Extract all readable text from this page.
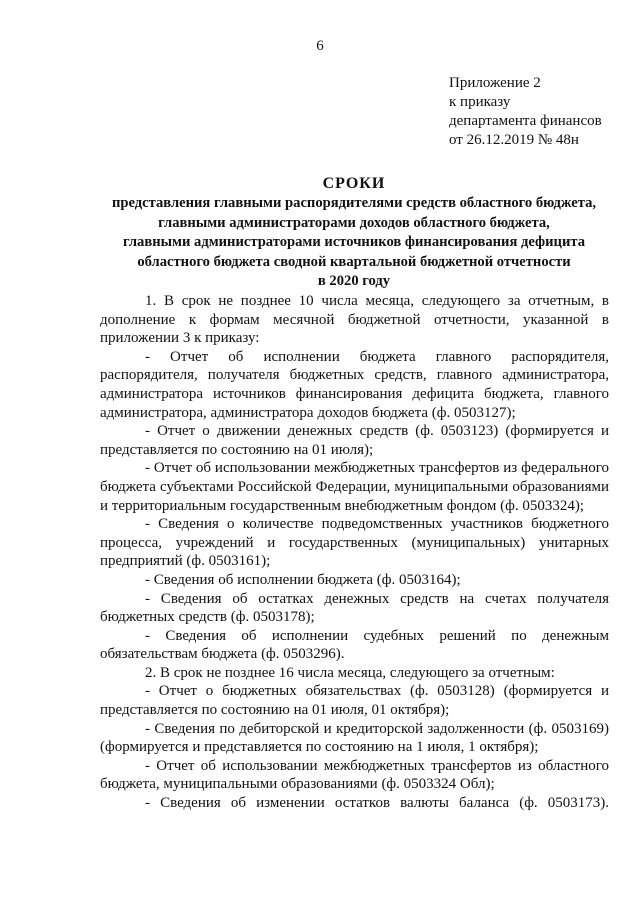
6
Приложение 2
к приказу
департамента финансов
от 26.12.2019 № 48н
СРОКИ
представления главными распорядителями средств областного бюджета,
главными администраторами доходов областного бюджета,
главными администраторами источников финансирования дефицита
областного бюджета сводной квартальной бюджетной отчетности
в 2020 году

1. В срок не позднее 10 числа месяца, следующего за отчетным, в дополнение к формам месячной бюджетной отчетности, указанной в приложении 3 к приказу:

- Отчет об исполнении бюджета главного распорядителя, распорядителя, получателя бюджетных средств, главного администратора, администратора источников финансирования дефицита бюджета, главного администратора, администратора доходов бюджета (ф. 0503127);

- Отчет о движении денежных средств (ф. 0503123) (формируется и представляется по состоянию на 01 июля);

- Отчет об использовании межбюджетных трансфертов из федерального бюджета субъектами Российской Федерации, муниципальными образованиями и территориальным государственным внебюджетным фондом (ф. 0503324);

- Сведения о количестве подведомственных участников бюджетного процесса, учреждений и государственных (муниципальных) унитарных предприятий (ф. 0503161);

- Сведения об исполнении бюджета (ф. 0503164);

- Сведения об остатках денежных средств на счетах получателя бюджетных средств (ф. 0503178);

- Сведения об исполнении судебных решений по денежным обязательствам бюджета (ф. 0503296).

2. В срок не позднее 16 числа месяца, следующего за отчетным:

- Отчет о бюджетных обязательствах (ф. 0503128) (формируется и представляется по состоянию на 01 июля, 01 октября);

- Сведения по дебиторской и кредиторской задолженности (ф. 0503169) (формируется и представляется по состоянию на 1 июля, 1 октября);

- Отчет об использовании межбюджетных трансфертов из областного бюджета, муниципальными образованиями (ф. 0503324 Обл);

- Сведения об изменении остатков валюты баланса (ф. 0503173).
